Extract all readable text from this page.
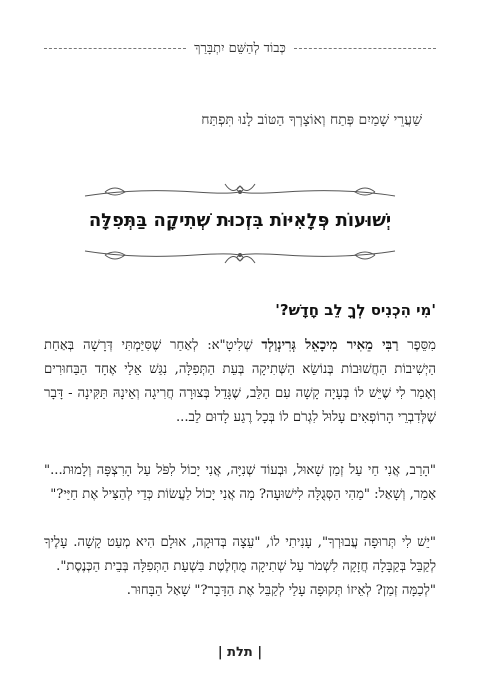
כְּבוֹד לְהַשֵּׁם יִתְבָּרַךְ
שַׁעֲרֵי שָׁמַיִם פְּתַח וְאוֹצָרְךָ הַטּוֹב לָנוּ תִּפְתַּח
יְשׁוּעוֹת פְּלָאִיּוֹת בִּזְכוּת שְׁתִיקָה בַּתְּפִלָּה
'מִי הִכְנִיס לְךָ לֵב חָדָשׁ?'
מִסֵּפֶר רַבִּי מֵאִיר מִיכָאֵל גְּרִינְוַלְד שְׁלִיטָ"א: לְאַחַר שֶׁסִּיַּמְתִּי דְּרָשָׁה בְּאַחַת הַיְשִׁיבוֹת הַחֲשׁוּבוֹת בְּנוֹשֵׂא הַשְּׁתִיקָה בְּעֵת הַתְּפִלָּה, נִגַּשׁ אֵלַי אֶחָד הַבַּחוּרִים וְאָמַר לִי שֶׁיֵּשׁ לוֹ בְּעָיָה קָשָׁה עִם הַלֵּב, שֶׁגָּדֵל בְּצוּרָה חֲרִיגָה וְאֵינָהּ תַּקִּינָה - דָּבָר שֶׁלְּדִבְרֵי הָרוֹפְאִים עָלוּל לִגְרֹם לוֹ בְּכָל רֶגַע לָדוּם לֵב...
"הָרַב, אֲנִי חַי עַל זְמַן שָׁאוּל, וּבְעוֹד שְׁנִיָּה, אֲנִי יָכוֹל לִפֹּל עַל הָרִצְפָּה וְלָמוּת..." אָמַר, וְשָׁאַל: "מַהִי הַסְּגֻלָּה לִישׁוּעָה? מָה אֲנִי יָכוֹל לַעֲשׂוֹת כְּדֵי לְהַצִּיל אֶת חַיַּי?"
"יֵשׁ לִי תְּרוּפָה עֲבוּרְךָ", עָנִיתִי לוֹ, "עֵצָה בְּדוּקָה, אוּלָם הִיא מְעַט קָשָׁה. עָלֶיךָ לְקַבֵּל בְּקַבָּלָה חֲזָקָה לִשְׁמֹר עַל שְׁתִיקָה מֻחְלֶטֶת בִּשְׁעַת הַתְּפִלָּה בְּבֵית הַכְּנֶסֶת".
"לְכַמָּה זְמַן? לְאֵיזוֹ תְּקוּפָה עָלַי לְקַבֵּל אֶת הַדָּבָר?" שָׁאַל הַבָּחוּר.
| תלת |
